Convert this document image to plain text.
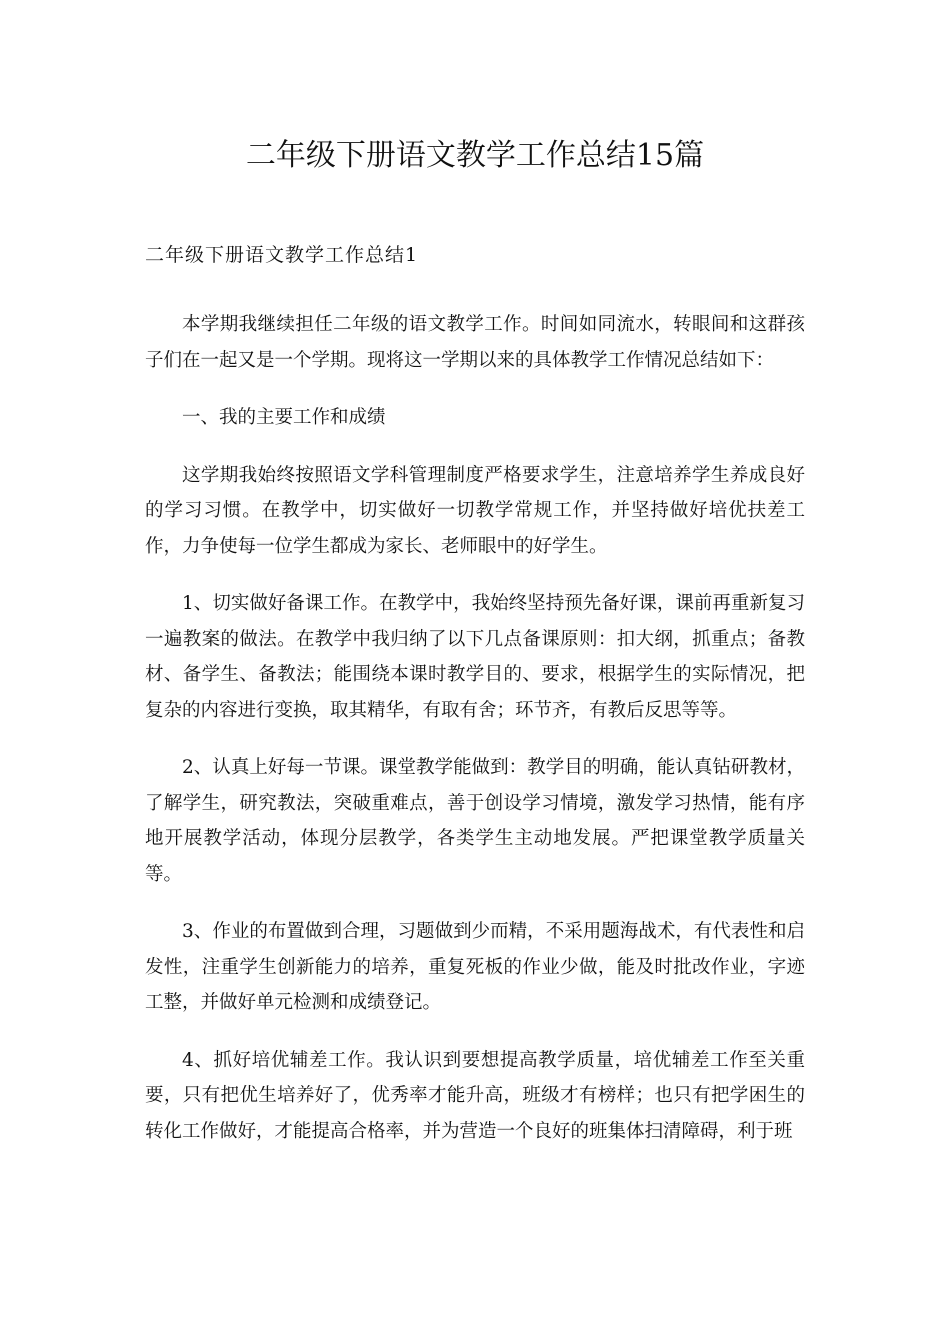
二年级下册语文教学工作总结15篇
二年级下册语文教学工作总结1

本学期我继续担任二年级的语文教学工作。时间如同流水，转眼间和这群孩子们在一起又是一个学期。现将这一学期以来的具体教学工作情况总结如下：

一、我的主要工作和成绩

这学期我始终按照语文学科管理制度严格要求学生，注意培养学生养成良好的学习习惯。在教学中，切实做好一切教学常规工作，并坚持做好培优扶差工作，力争使每一位学生都成为家长、老师眼中的好学生。

1、切实做好备课工作。在教学中，我始终坚持预先备好课，课前再重新复习一遍教案的做法。在教学中我归纳了以下几点备课原则：扣大纲，抓重点；备教材、备学生、备教法；能围绕本课时教学目的、要求，根据学生的实际情况，把复杂的内容进行变换，取其精华，有取有舍；环节齐，有教后反思等等。

2、认真上好每一节课。课堂教学能做到：教学目的明确，能认真钻研教材，了解学生，研究教法，突破重难点，善于创设学习情境，激发学习热情，能有序地开展教学活动，体现分层教学，各类学生主动地发展。严把课堂教学质量关等。

3、作业的布置做到合理，习题做到少而精，不采用题海战术，有代表性和启发性，注重学生创新能力的培养，重复死板的作业少做，能及时批改作业，字迹工整，并做好单元检测和成绩登记。

4、抓好培优辅差工作。我认识到要想提高教学质量，培优辅差工作至关重要，只有把优生培养好了，优秀率才能升高，班级才有榜样；也只有把学困生的转化工作做好，才能提高合格率，并为营造一个良好的班集体扫清障碍，利于班
